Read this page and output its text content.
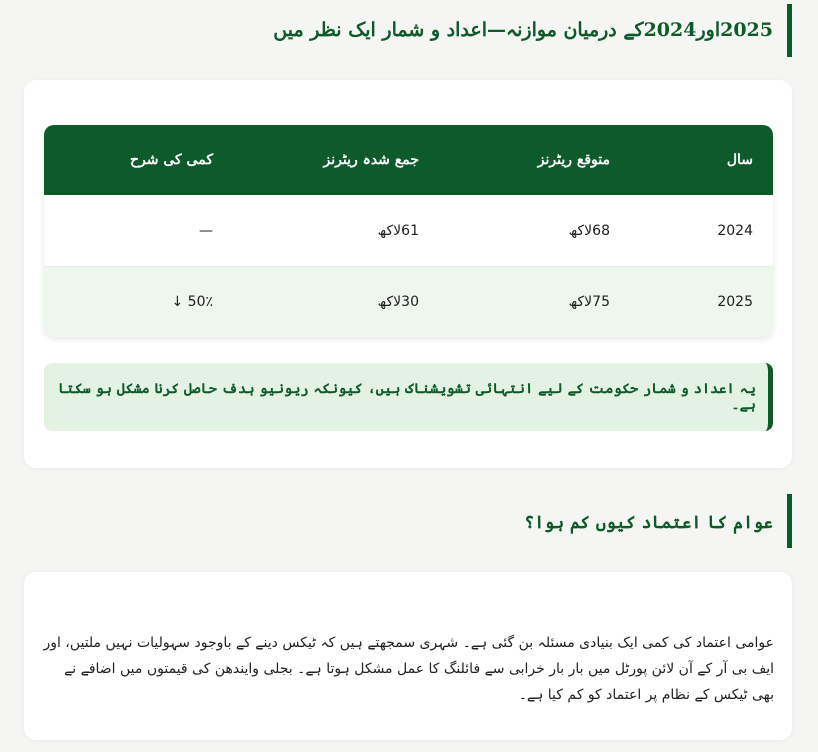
2025اور2024کے درمیان موازنہ—اعداد و شمار ایک نظر میں
سال
متوقع ریٹرنز
جمع شدہ ریٹرنز
کمی کی شرح
2024
68لاکھ
61لاکھ
—
2025
75لاکھ
30لاکھ
50٪ ↓
یہ اعداد و شمار حکومت کے لیے انتہائی تشویشناک ہیں، کیونکہ ریونیو ہدف حاصل کرنا مشکل ہو سکتا ہے۔
عوام کا اعتماد کیوں کم ہوا؟

عوامی اعتماد کی کمی ایک بنیادی مسئلہ بن گئی ہے۔ شہری سمجھتے ہیں کہ ٹیکس دینے کے باوجود سہولیات نہیں ملتیں، اور ایف بی آر کے آن لائن پورٹل میں بار بار خرابی سے فائلنگ کا عمل مشکل ہوتا ہے۔ بجلی وایندھن کی قیمتوں میں اضافے نے بھی ٹیکس کے نظام پر اعتماد کو کم کیا ہے۔
